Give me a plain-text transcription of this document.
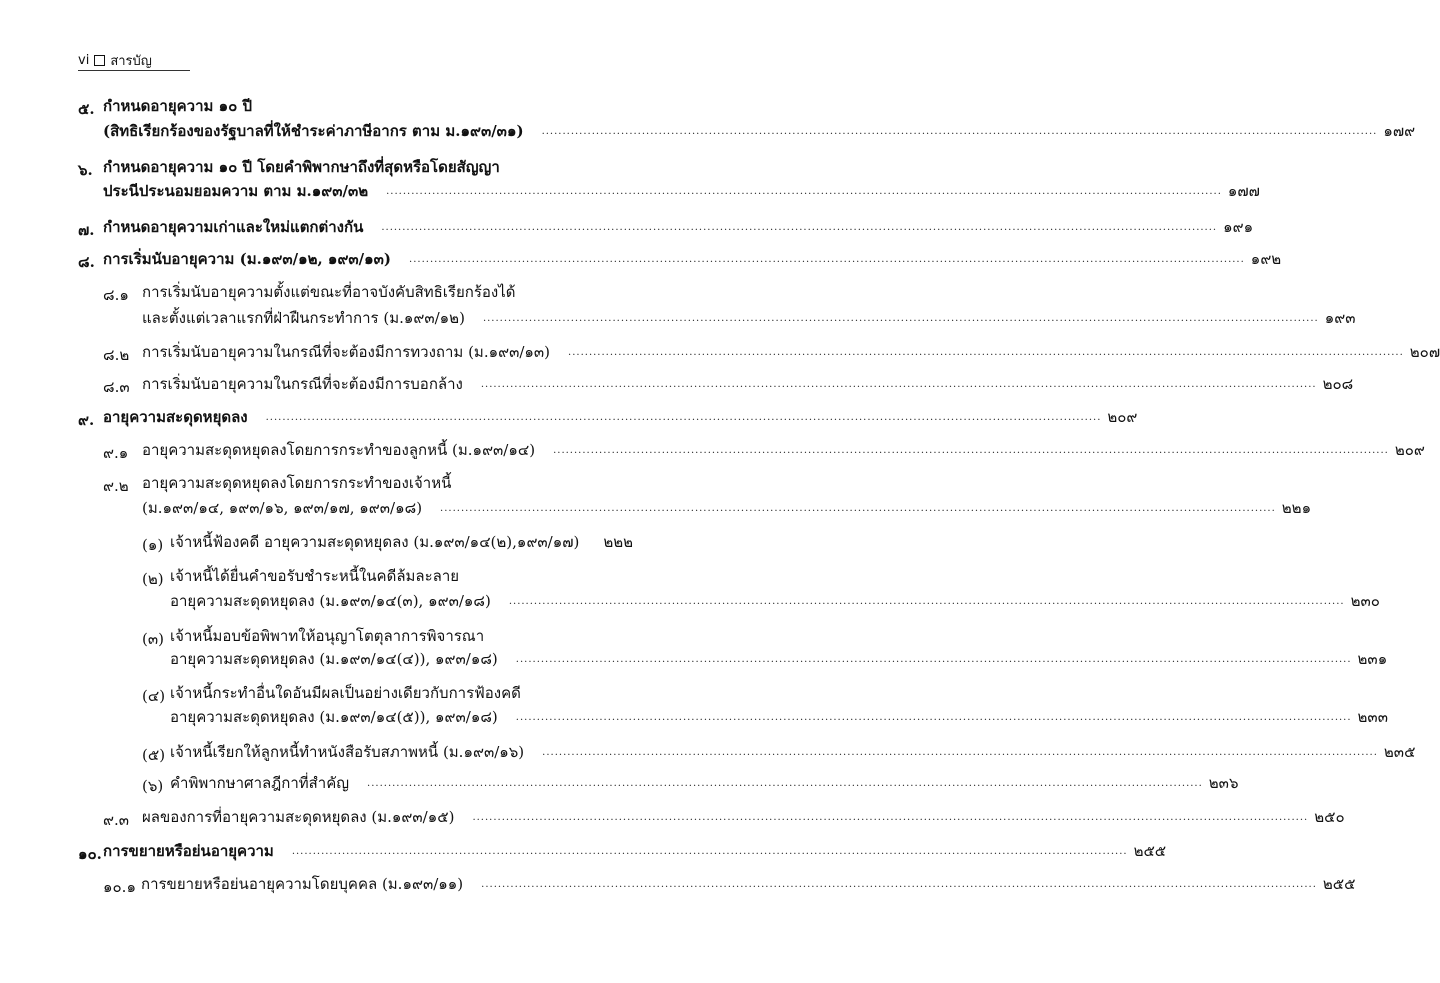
vi สารบัญ
๕. กำหนดอายุความ ๑๐ ปี
(สิทธิเรียกร้องของรัฐบาลที่ให้ชำระค่าภาษีอากร ตาม ม.๑๙๓/๓๑) ........................................................................................................................................................................................................ ๑๗๙
๖. กำหนดอายุความ ๑๐ ปี โดยคำพิพากษาถึงที่สุดหรือโดยสัญญา
ประนีประนอมยอมความ ตาม ม.๑๙๓/๓๒ ........................................................................................................................................................................................................ ๑๗๗
๗. กำหนดอายุความเก่าและใหม่แตกต่างกัน ........................................................................................................................................................................................................ ๑๙๑
๘. การเริ่มนับอายุความ (ม.๑๙๓/๑๒, ๑๙๓/๑๓) ........................................................................................................................................................................................................ ๑๙๒
๘.๑ การเริ่มนับอายุความตั้งแต่ขณะที่อาจบังคับสิทธิเรียกร้องได้
และตั้งแต่เวลาแรกที่ฝ่าฝืนกระทำการ (ม.๑๙๓/๑๒) ........................................................................................................................................................................................................ ๑๙๓
๘.๒ การเริ่มนับอายุความในกรณีที่จะต้องมีการทวงถาม (ม.๑๙๓/๑๓) ........................................................................................................................................................................................................ ๒๐๗
๘.๓ การเริ่มนับอายุความในกรณีที่จะต้องมีการบอกล้าง ........................................................................................................................................................................................................ ๒๐๘
๙. อายุความสะดุดหยุดลง ........................................................................................................................................................................................................ ๒๐๙
๙.๑ อายุความสะดุดหยุดลงโดยการกระทำของลูกหนี้ (ม.๑๙๓/๑๔) ........................................................................................................................................................................................................ ๒๐๙
๙.๒ อายุความสะดุดหยุดลงโดยการกระทำของเจ้าหนี้
(ม.๑๙๓/๑๔, ๑๙๓/๑๖, ๑๙๓/๑๗, ๑๙๓/๑๘) ........................................................................................................................................................................................................ ๒๒๑
(๑) เจ้าหนี้ฟ้องคดี อายุความสะดุดหยุดลง (ม.๑๙๓/๑๔(๒),๑๙๓/๑๗) ๒๒๒
(๒) เจ้าหนี้ได้ยื่นคำขอรับชำระหนี้ในคดีล้มละลาย
อายุความสะดุดหยุดลง (ม.๑๙๓/๑๔(๓), ๑๙๓/๑๘) ........................................................................................................................................................................................................ ๒๓๐
(๓) เจ้าหนี้มอบข้อพิพาทให้อนุญาโตตุลาการพิจารณา
อายุความสะดุดหยุดลง (ม.๑๙๓/๑๔(๔)), ๑๙๓/๑๘) ........................................................................................................................................................................................................ ๒๓๑
(๔) เจ้าหนี้กระทำอื่นใดอันมีผลเป็นอย่างเดียวกับการฟ้องคดี
อายุความสะดุดหยุดลง (ม.๑๙๓/๑๔(๕)), ๑๙๓/๑๘) ........................................................................................................................................................................................................ ๒๓๓
(๕) เจ้าหนี้เรียกให้ลูกหนี้ทำหนังสือรับสภาพหนี้ (ม.๑๙๓/๑๖) ........................................................................................................................................................................................................ ๒๓๕
(๖) คำพิพากษาศาลฎีกาที่สำคัญ ........................................................................................................................................................................................................ ๒๓๖
๙.๓ ผลของการที่อายุความสะดุดหยุดลง (ม.๑๙๓/๑๕) ........................................................................................................................................................................................................ ๒๕๐
๑๐. การขยายหรือย่นอายุความ ........................................................................................................................................................................................................ ๒๕๕
๑๐.๑ การขยายหรือย่นอายุความโดยบุคคล (ม.๑๙๓/๑๑) ........................................................................................................................................................................................................ ๒๕๕
